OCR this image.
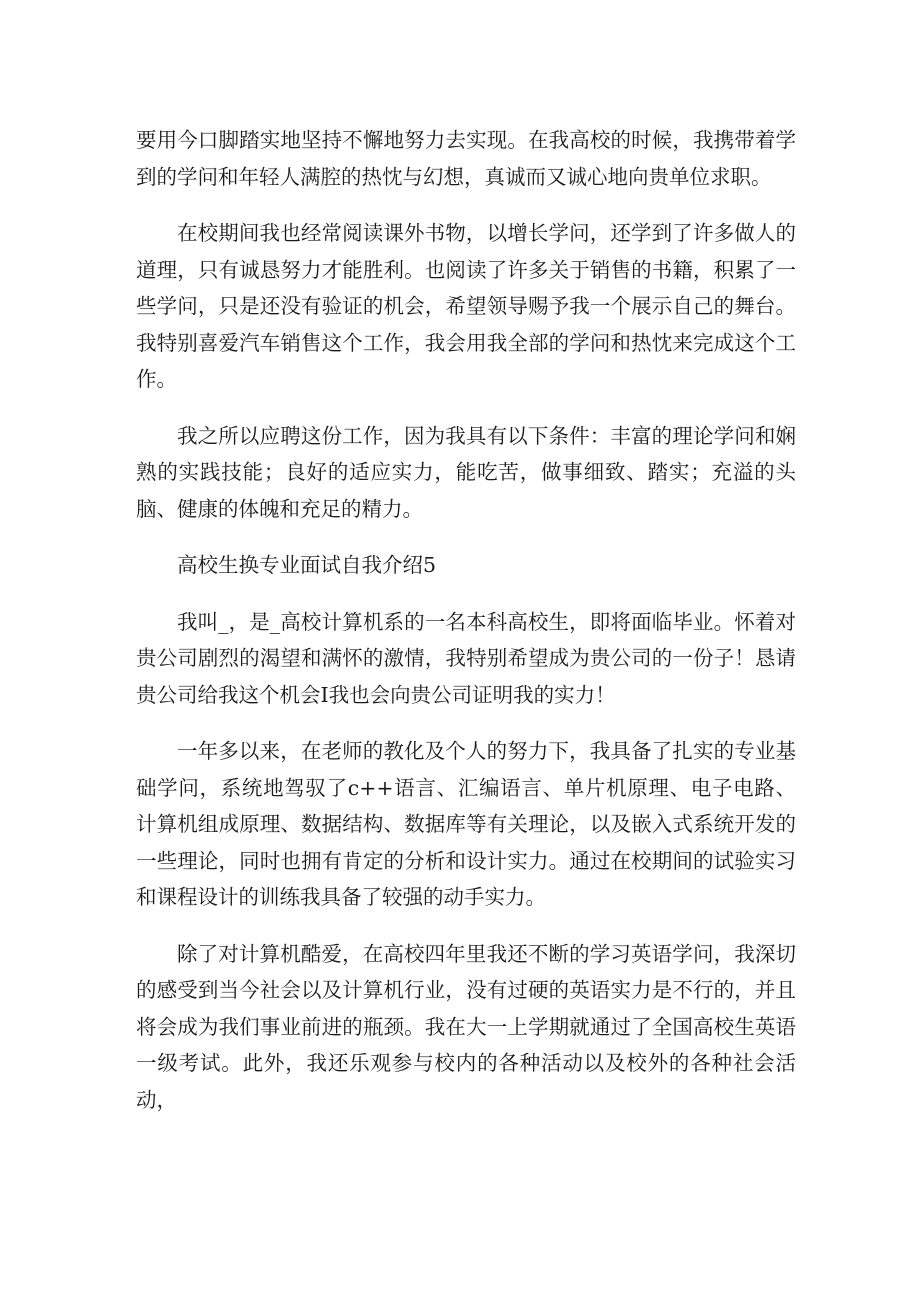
要用今口脚踏实地坚持不懈地努力去实现。在我高校的时候，我携带着学到的学问和年轻人满腔的热忱与幻想，真诚而又诚心地向贵单位求职。

在校期间我也经常阅读课外书物，以增长学问，还学到了许多做人的道理，只有诚恳努力才能胜利。也阅读了许多关于销售的书籍，积累了一些学问，只是还没有验证的机会，希望领导赐予我一个展示自己的舞台。我特别喜爱汽车销售这个工作，我会用我全部的学问和热忱来完成这个工作。

我之所以应聘这份工作，因为我具有以下条件：丰富的理论学问和娴熟的实践技能；良好的适应实力，能吃苦，做事细致、踏实；充溢的头脑、健康的体魄和充足的精力。

高校生换专业面试自我介绍5

我叫_，是_高校计算机系的一名本科高校生，即将面临毕业。怀着对贵公司剧烈的渴望和满怀的激情，我特别希望成为贵公司的一份子！恳请贵公司给我这个机会I我也会向贵公司证明我的实力！

一年多以来，在老师的教化及个人的努力下，我具备了扎实的专业基础学问，系统地驾驭了c++语言、汇编语言、单片机原理、电子电路、计算机组成原理、数据结构、数据库等有关理论，以及嵌入式系统开发的一些理论，同时也拥有肯定的分析和设计实力。通过在校期间的试验实习和课程设计的训练我具备了较强的动手实力。

除了对计算机酷爱，在高校四年里我还不断的学习英语学问，我深切的感受到当今社会以及计算机行业，没有过硬的英语实力是不行的，并且将会成为我们事业前进的瓶颈。我在大一上学期就通过了全国高校生英语一级考试。此外，我还乐观参与校内的各种活动以及校外的各种社会活动，
